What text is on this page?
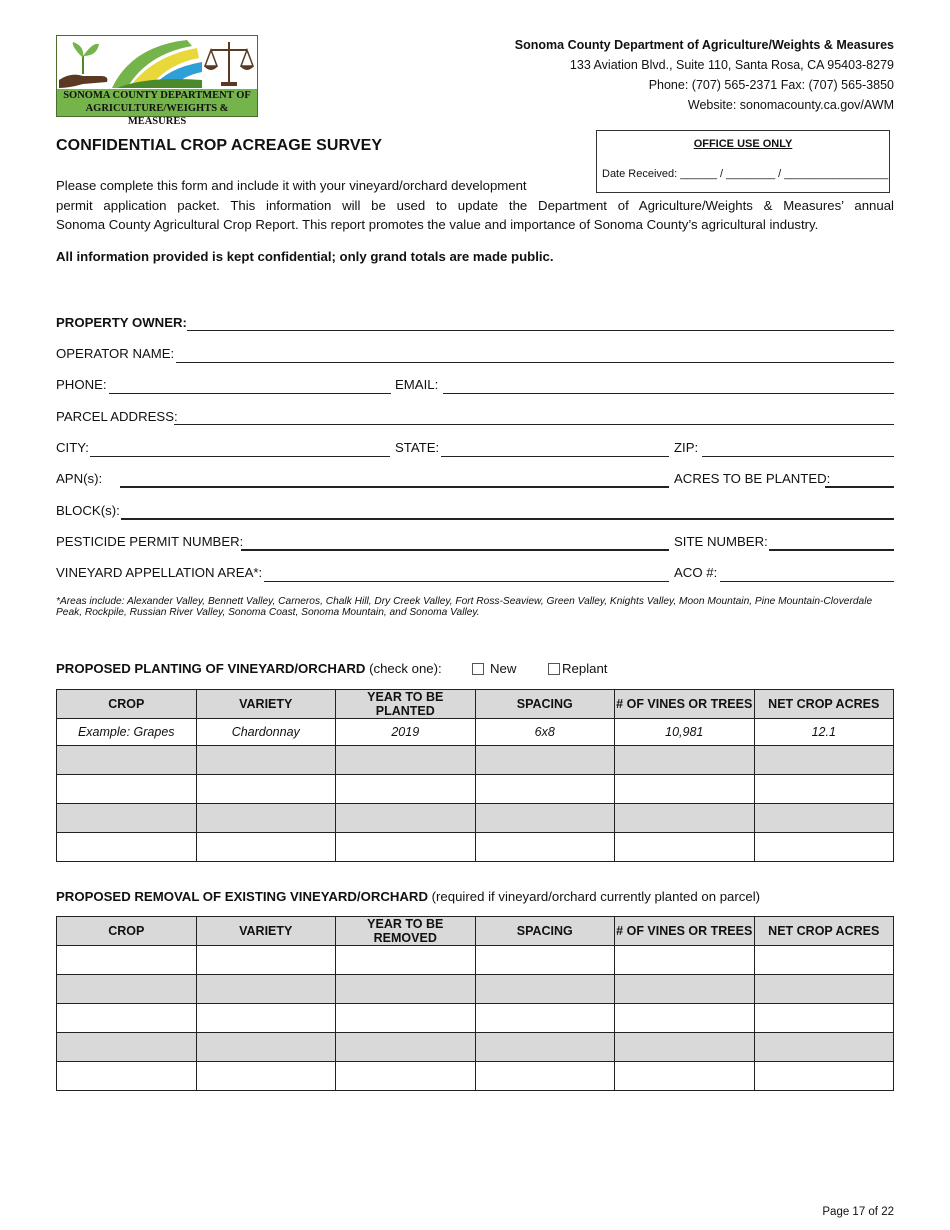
SONOMA COUNTY DEPARTMENT OF
AGRICULTURE/WEIGHTS & MEASURES
Sonoma County Department of Agriculture/Weights & Measures
133 Aviation Blvd., Suite 110, Santa Rosa, CA 95403-8279
Phone: (707) 565-2371 Fax: (707) 565-3850
Website: sonomacounty.ca.gov/AWM
CONFIDENTIAL CROP ACREAGE SURVEY	OFFICE USE ONLY
Date Received: ______ / ________ / _________________
Please complete this form and include it with your vineyard/orchard development
permit application packet. This information will be used to update the Department of Agriculture/Weights & Measures’ annual
Sonoma County Agricultural Crop Report. This report promotes the value and importance of Sonoma County’s agricultural industry.
All information provided is kept confidential; only grand totals are made public.
PROPERTY OWNER:
OPERATOR NAME:
PHONE:	EMAIL:
PARCEL ADDRESS:
CITY:	STATE:	ZIP:
APN(s):	ACRES TO BE PLANTED:
BLOCK(s):
PESTICIDE PERMIT NUMBER:	SITE NUMBER:
VINEYARD APPELLATION AREA*:	ACO #:
*Areas include: Alexander Valley, Bennett Valley, Carneros, Chalk Hill, Dry Creek Valley, Fort Ross-Seaview, Green Valley, Knights Valley, Moon Mountain, Pine Mountain-Cloverdale Peak, Rockpile, Russian River Valley, Sonoma Coast, Sonoma Mountain, and Sonoma Valley.
PROPOSED PLANTING OF VINEYARD/ORCHARD (check one):	New	Replant
CROP	VARIETY	YEAR TO BE PLANTED	SPACING	# OF VINES OR TREES	NET CROP ACRES
Example: Grapes	Chardonnay	2019	6x8	10,981	12.1

PROPOSED REMOVAL OF EXISTING VINEYARD/ORCHARD (required if vineyard/orchard currently planted on parcel)
CROP	VARIETY	YEAR TO BE REMOVED	SPACING	# OF VINES OR TREES	NET CROP ACRES

Page 17 of 22
